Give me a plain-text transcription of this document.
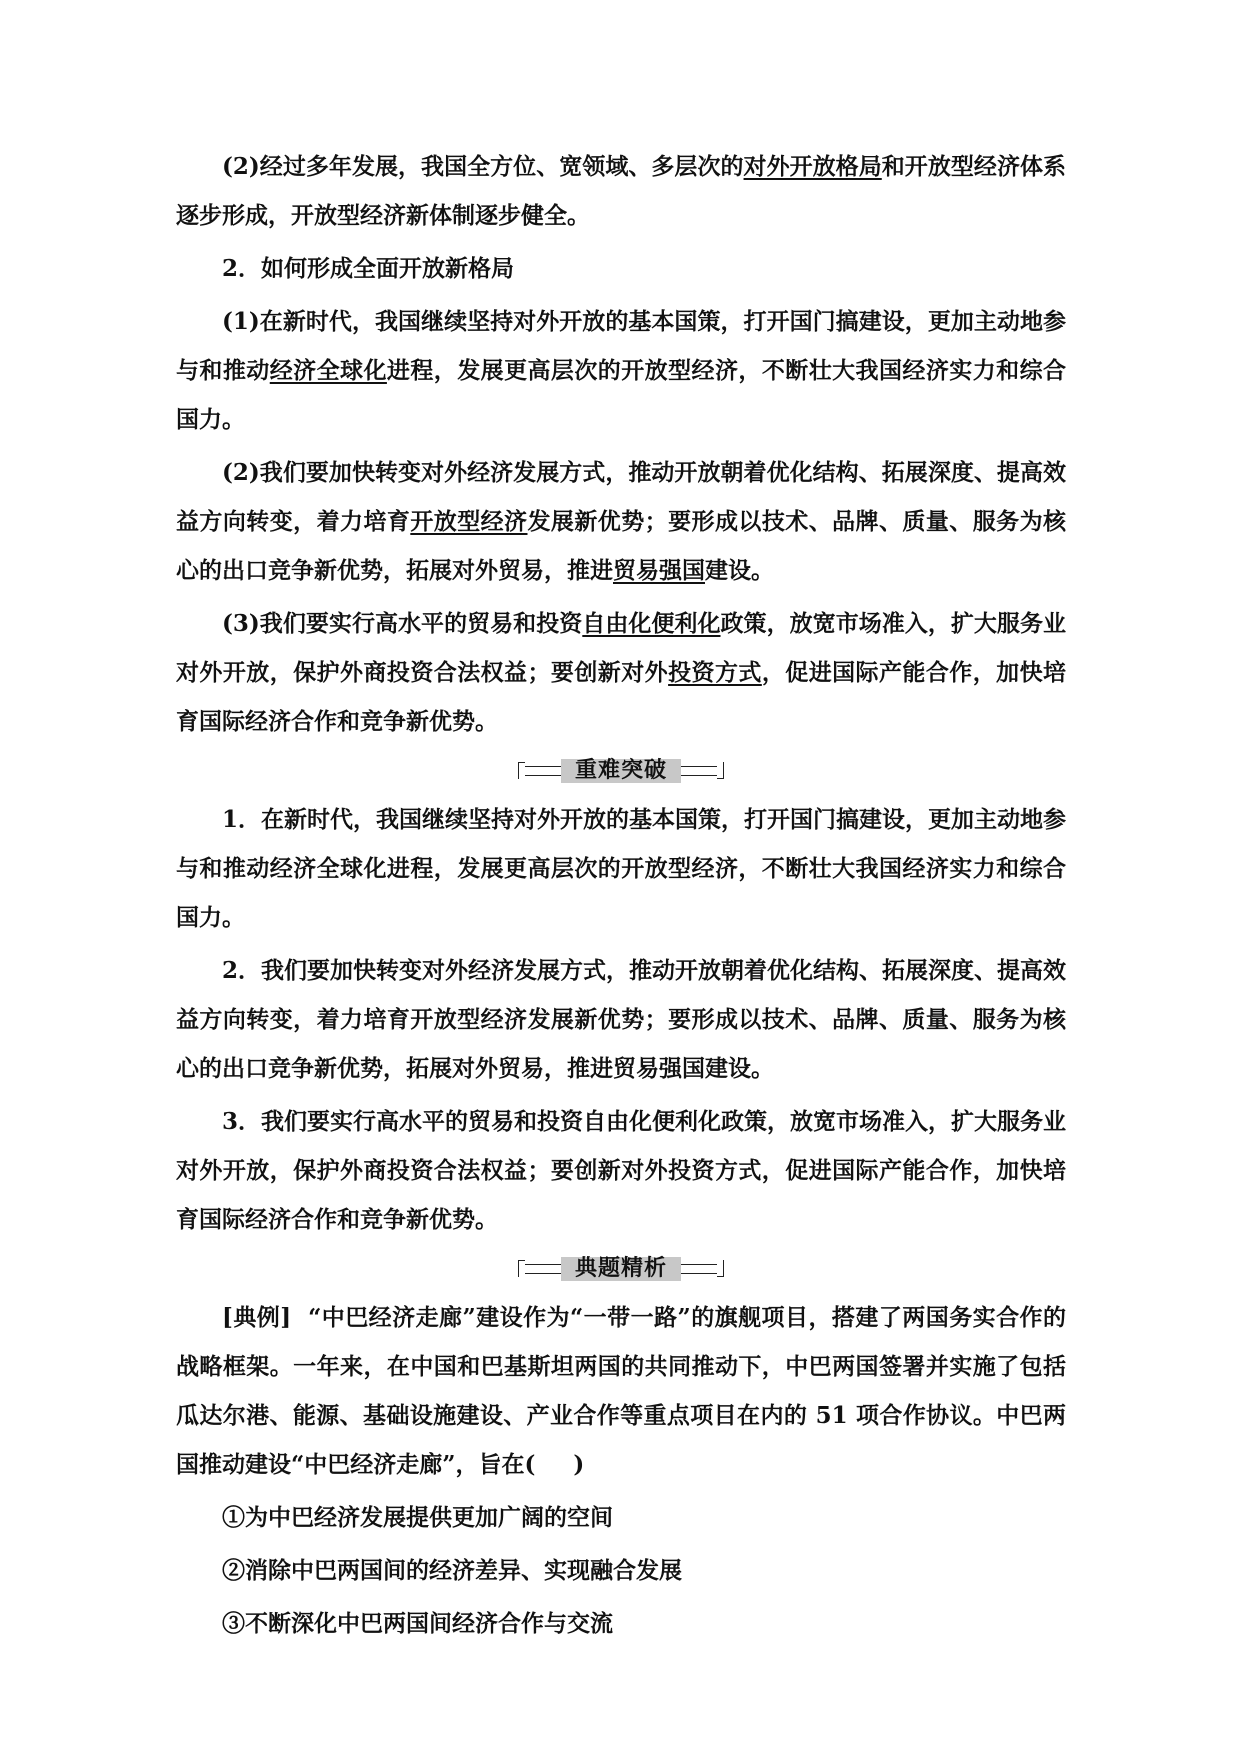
(2)经过多年发展，我国全方位、宽领域、多层次的对外开放格局和开放型经济体系逐步形成，开放型经济新体制逐步健全。

2．如何形成全面开放新格局

(1)在新时代，我国继续坚持对外开放的基本国策，打开国门搞建设，更加主动地参与和推动经济全球化进程，发展更高层次的开放型经济，不断壮大我国经济实力和综合国力。

(2)我们要加快转变对外经济发展方式，推动开放朝着优化结构、拓展深度、提高效益方向转变，着力培育开放型经济发展新优势；要形成以技术、品牌、质量、服务为核心的出口竞争新优势，拓展对外贸易，推进贸易强国建设。

(3)我们要实行高水平的贸易和投资自由化便利化政策，放宽市场准入，扩大服务业对外开放，保护外商投资合法权益；要创新对外投资方式，促进国际产能合作，加快培育国际经济合作和竞争新优势。

重难突破

1．在新时代，我国继续坚持对外开放的基本国策，打开国门搞建设，更加主动地参与和推动经济全球化进程，发展更高层次的开放型经济，不断壮大我国经济实力和综合国力。

2．我们要加快转变对外经济发展方式，推动开放朝着优化结构、拓展深度、提高效益方向转变，着力培育开放型经济发展新优势；要形成以技术、品牌、质量、服务为核心的出口竞争新优势，拓展对外贸易，推进贸易强国建设。

3．我们要实行高水平的贸易和投资自由化便利化政策，放宽市场准入，扩大服务业对外开放，保护外商投资合法权益；要创新对外投资方式，促进国际产能合作，加快培育国际经济合作和竞争新优势。

典题精析

[典例] “中巴经济走廊”建设作为“一带一路”的旗舰项目，搭建了两国务实合作的战略框架。一年来，在中国和巴基斯坦两国的共同推动下，中巴两国签署并实施了包括瓜达尔港、能源、基础设施建设、产业合作等重点项目在内的 51 项合作协议。中巴两国推动建设“中巴经济走廊”，旨在( )

①为中巴经济发展提供更加广阔的空间

②消除中巴两国间的经济差异、实现融合发展

③不断深化中巴两国间经济合作与交流
